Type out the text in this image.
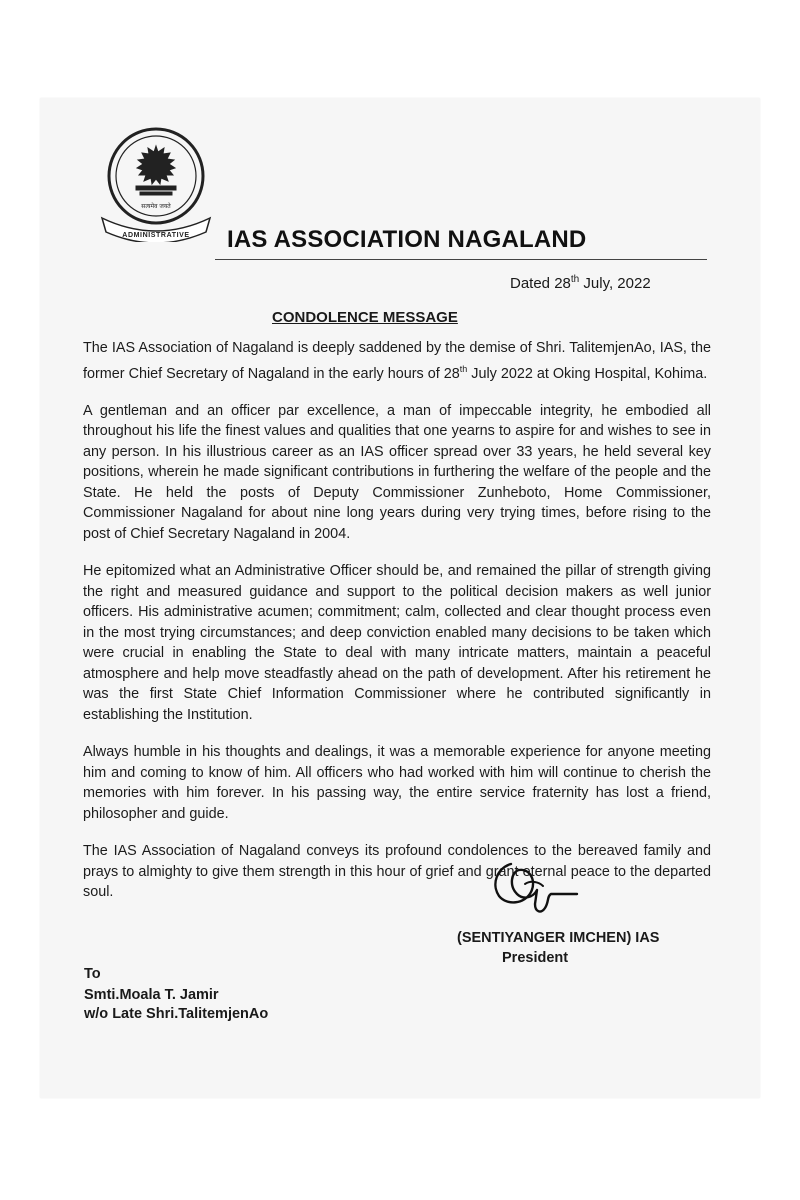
सत्यमेव जयते
ADMINISTRATIVE IAS ASSOCIATION NAGALAND
Dated 28th July, 2022
CONDOLENCE MESSAGE

The IAS Association of Nagaland is deeply saddened by the demise of Shri. TalitemjenAo, IAS, the former Chief Secretary of Nagaland in the early hours of 28th July 2022 at Oking Hospital, Kohima.

A gentleman and an officer par excellence, a man of impeccable integrity, he embodied all throughout his life the finest values and qualities that one yearns to aspire for and wishes to see in any person. In his illustrious career as an IAS officer spread over 33 years, he held several key positions, wherein he made significant contributions in furthering the welfare of the people and the State. He held the posts of Deputy Commissioner Zunheboto, Home Commissioner, Commissioner Nagaland for about nine long years during very trying times, before rising to the post of Chief Secretary Nagaland in 2004.

He epitomized what an Administrative Officer should be, and remained the pillar of strength giving the right and measured guidance and support to the political decision makers as well junior officers. His administrative acumen; commitment; calm, collected and clear thought process even in the most trying circumstances; and deep conviction enabled many decisions to be taken which were crucial in enabling the State to deal with many intricate matters, maintain a peaceful atmosphere and help move steadfastly ahead on the path of development. After his retirement he was the first State Chief Information Commissioner where he contributed significantly in establishing the Institution.

Always humble in his thoughts and dealings, it was a memorable experience for anyone meeting him and coming to know of him. All officers who had worked with him will continue to cherish the memories with him forever. In his passing way, the entire service fraternity has lost a friend, philosopher and guide.

The IAS Association of Nagaland conveys its profound condolences to the bereaved family and prays to almighty to give them strength in this hour of grief and grant eternal peace to the departed soul.

(SENTIYANGER IMCHEN) IAS
President
To
Smti.Moala T. Jamir
w/o Late Shri.TalitemjenAo
